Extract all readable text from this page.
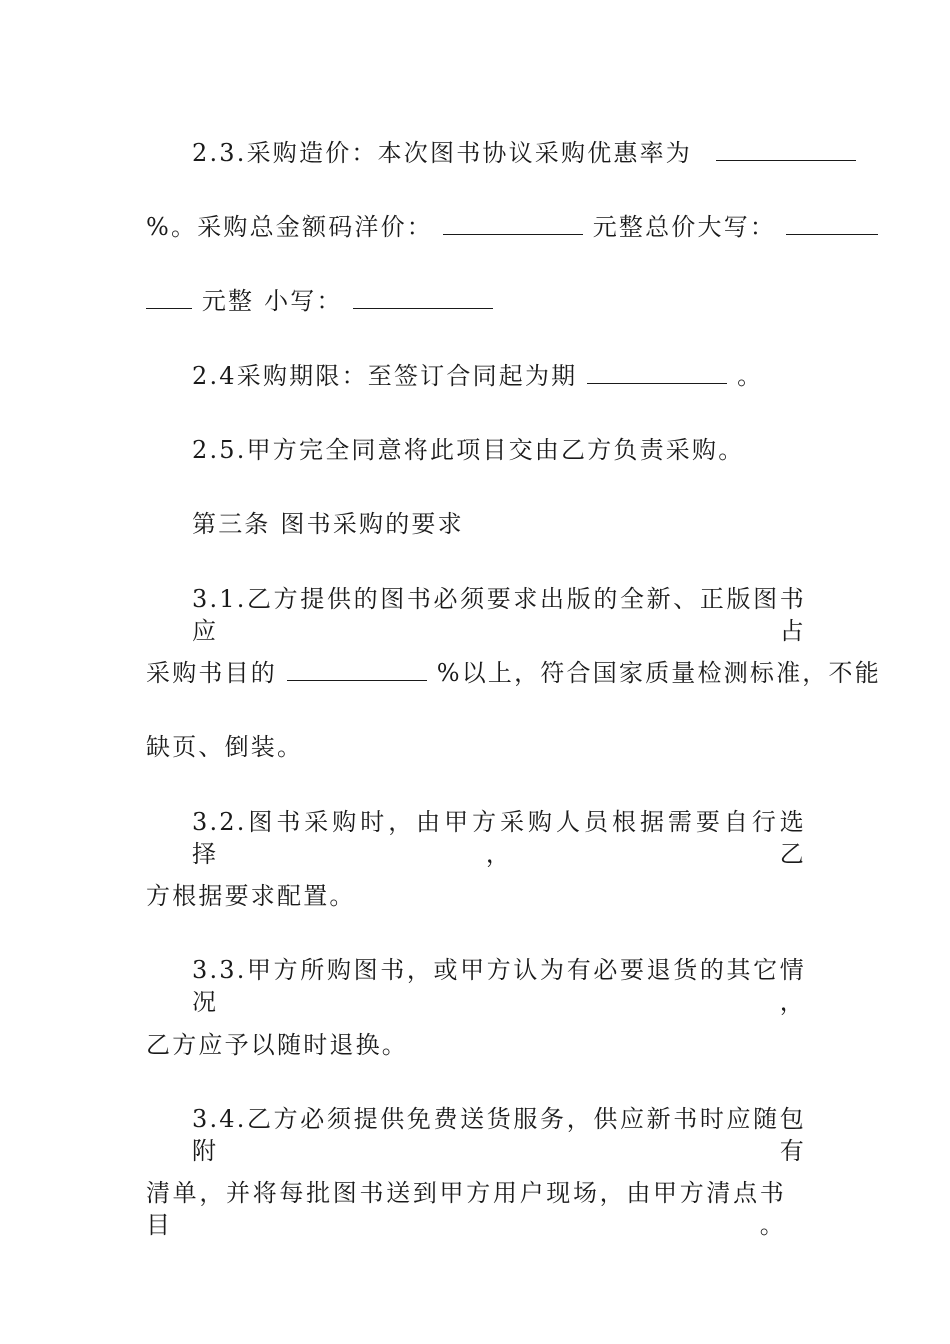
2.3.采购造价：本次图书协议采购优惠率为
%。采购总金额码洋价：	元整总价大写：
元整 小写：
2.4采购期限：至签订合同起为期	。
2.5.甲方完全同意将此项目交由乙方负责采购。
第三条 图书采购的要求
3.1.乙方提供的图书必须要求出版的全新、正版图书应占
采购书目的	%以上，符合国家质量检测标准，不能
缺页、倒装。
3.2.图书采购时，由甲方采购人员根据需要自行选择，乙
方根据要求配置。
3.3.甲方所购图书，或甲方认为有必要退货的其它情况，
乙方应予以随时退换。
3.4.乙方必须提供免费送货服务，供应新书时应随包附有
清单，并将每批图书送到甲方用户现场，由甲方清点书目。
